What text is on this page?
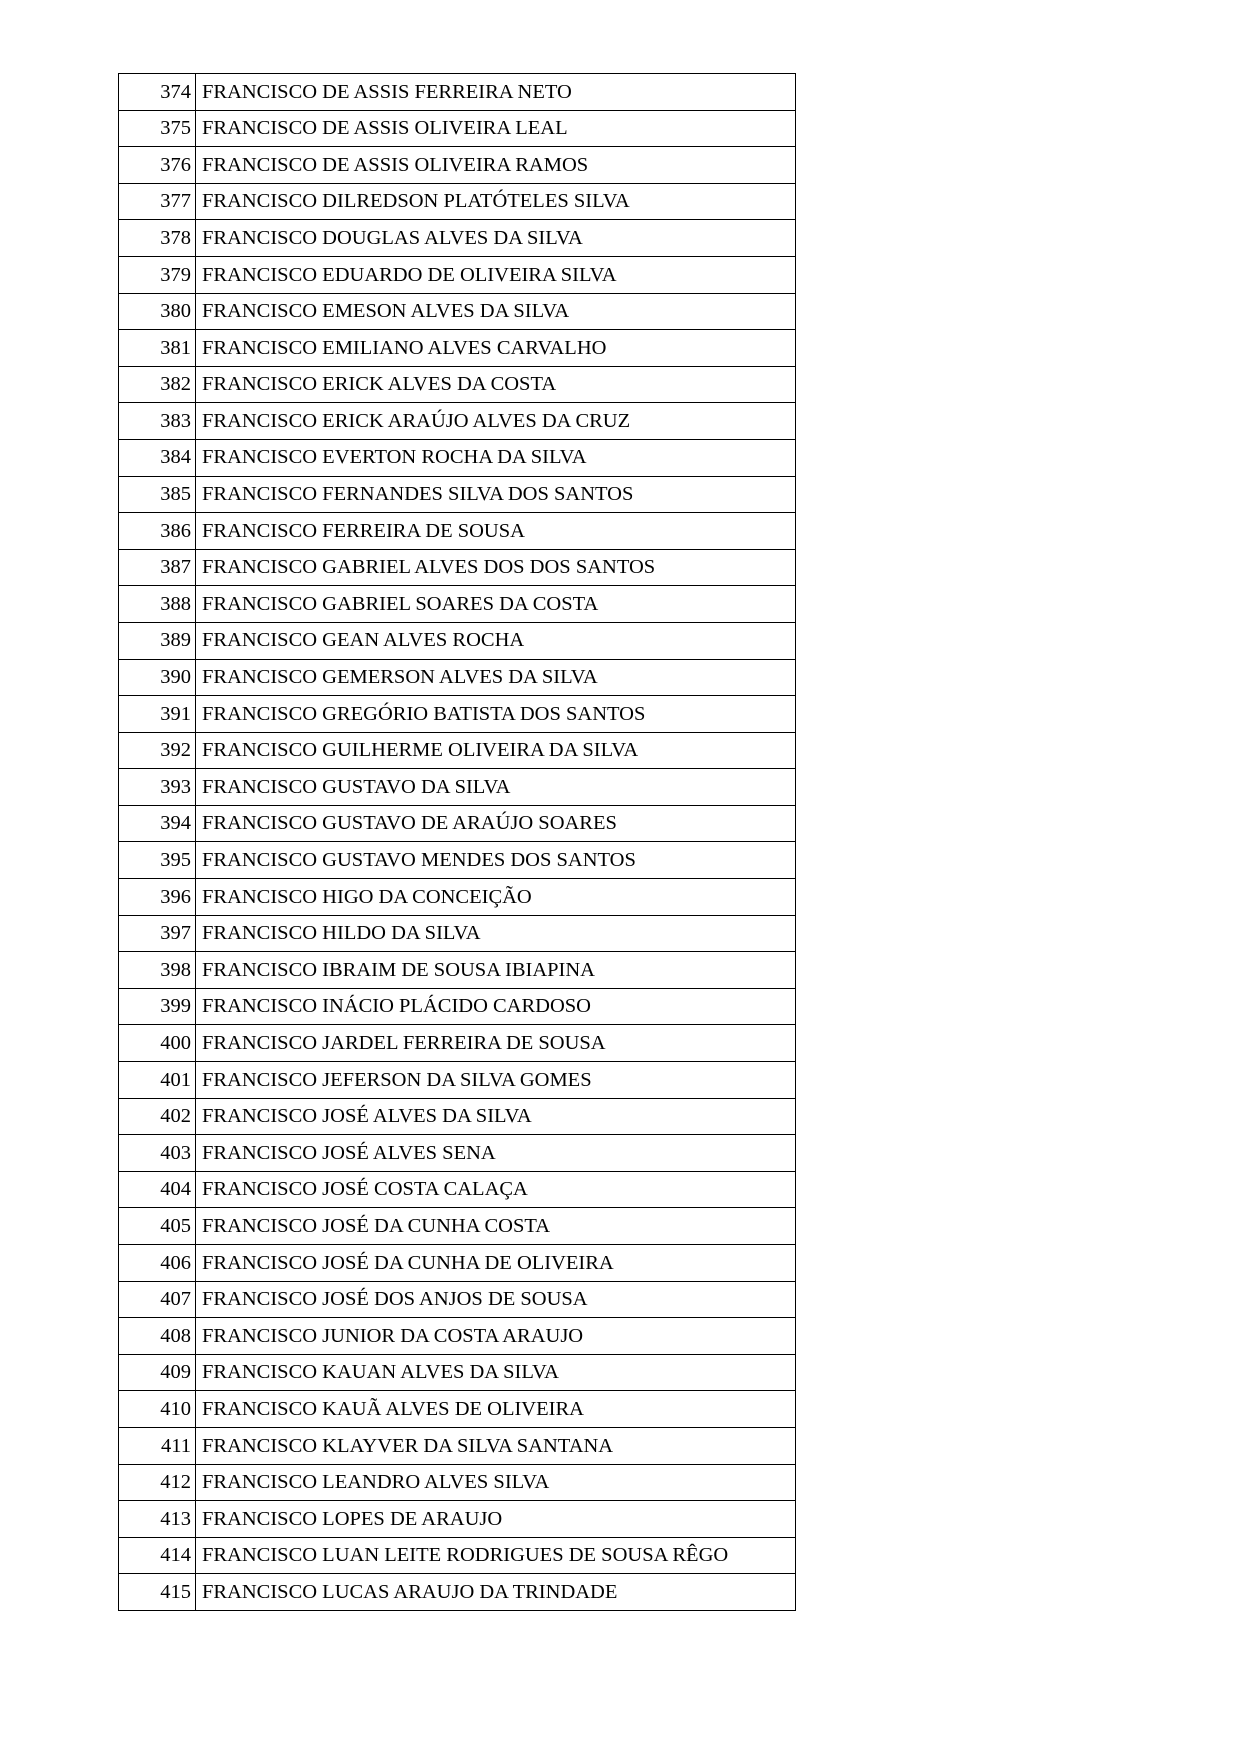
374	FRANCISCO DE ASSIS FERREIRA NETO
375	FRANCISCO DE ASSIS OLIVEIRA LEAL
376	FRANCISCO DE ASSIS OLIVEIRA RAMOS
377	FRANCISCO DILREDSON PLATÓTELES SILVA
378	FRANCISCO DOUGLAS ALVES DA SILVA
379	FRANCISCO EDUARDO DE OLIVEIRA SILVA
380	FRANCISCO EMESON ALVES DA SILVA
381	FRANCISCO EMILIANO ALVES CARVALHO
382	FRANCISCO ERICK ALVES DA COSTA
383	FRANCISCO ERICK ARAÚJO ALVES DA CRUZ
384	FRANCISCO EVERTON ROCHA DA SILVA
385	FRANCISCO FERNANDES SILVA DOS SANTOS
386	FRANCISCO FERREIRA DE SOUSA
387	FRANCISCO GABRIEL ALVES DOS DOS SANTOS
388	FRANCISCO GABRIEL SOARES DA COSTA
389	FRANCISCO GEAN ALVES ROCHA
390	FRANCISCO GEMERSON ALVES DA SILVA
391	FRANCISCO GREGÓRIO BATISTA DOS SANTOS
392	FRANCISCO GUILHERME OLIVEIRA DA SILVA
393	FRANCISCO GUSTAVO DA SILVA
394	FRANCISCO GUSTAVO DE ARAÚJO SOARES
395	FRANCISCO GUSTAVO MENDES DOS SANTOS
396	FRANCISCO HIGO DA CONCEIÇÃO
397	FRANCISCO HILDO DA SILVA
398	FRANCISCO IBRAIM DE SOUSA IBIAPINA
399	FRANCISCO INÁCIO PLÁCIDO CARDOSO
400	FRANCISCO JARDEL FERREIRA DE SOUSA
401	FRANCISCO JEFERSON DA SILVA GOMES
402	FRANCISCO JOSÉ ALVES DA SILVA
403	FRANCISCO JOSÉ ALVES SENA
404	FRANCISCO JOSÉ COSTA CALAÇA
405	FRANCISCO JOSÉ DA CUNHA COSTA
406	FRANCISCO JOSÉ DA CUNHA DE OLIVEIRA
407	FRANCISCO JOSÉ DOS ANJOS DE SOUSA
408	FRANCISCO JUNIOR DA COSTA ARAUJO
409	FRANCISCO KAUAN ALVES DA SILVA
410	FRANCISCO KAUÃ ALVES DE OLIVEIRA
411	FRANCISCO KLAYVER DA SILVA SANTANA
412	FRANCISCO LEANDRO ALVES SILVA
413	FRANCISCO LOPES DE ARAUJO
414	FRANCISCO LUAN LEITE RODRIGUES DE SOUSA RÊGO
415	FRANCISCO LUCAS ARAUJO DA TRINDADE
